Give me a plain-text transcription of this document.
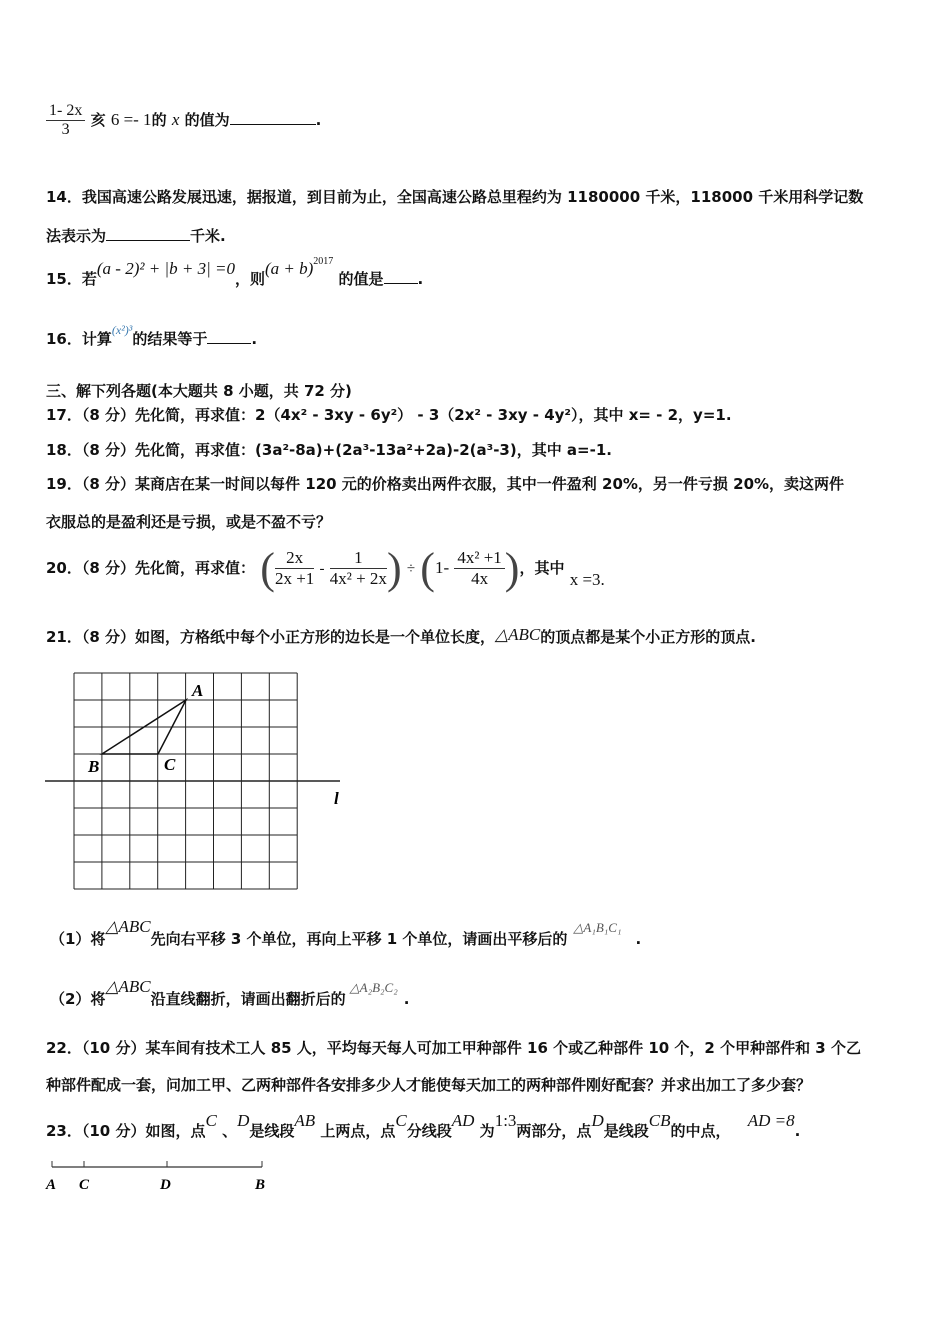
$\frac{1- 2x}{3}$ 亥 6 =- 1的 x 的值为	.
14．我国高速公路发展迅速，据报道，到目前为止，全国高速公路总里程约为 1180000 千米，118000 千米用科学记数
法表示为	千米.
15．若(a - 2)² + |b + 3| =0，则$(a + b)^{2017}$ 的值是 .
16．计算$^{(x^2)^3}$的结果等于	.
三、解下列各题(本大题共 8 小题，共 72 分)
17．（8 分）先化简，再求值：2（4x² - 3xy - 6y²） - 3（2x² - 3xy - 4y²），其中 x= - 2，y=1.
18．（8 分）先化简，再求值：(3a²-8a)+(2a³-13a²+2a)-2(a³-3)，其中 a=-1.
19．（8 分）某商店在某一时间以每件 120 元的价格卖出两件衣服，其中一件盈利 20%，另一件亏损 20%，卖这两件
衣服总的是盈利还是亏损，或是不盈不亏？
20．（8 分）先化简，再求值： ( $\frac{2x}{2x +1} - \frac{1}{\text{4x² + 2x}}$ ) ÷ ($1- \frac{\text{4x² +1}}{4x}$ )，其中 x =3.
21．（8 分）如图，方格纸中每个小正方形的边长是一个单位长度，△ABC的顶点都是某个小正方形的顶点.
A
B	C
l
（1）将△ABC先向右平移 3 个单位，再向上平移 1 个单位，请画出平移后的△A₁B₁C₁.
（2）将△ABC沿直线翻折，请画出翻折后的△A₂B₂C₂.
22．（10 分）某车间有技术工人 85 人，平均每天每人可加工甲种部件 16 个或乙种部件 10 个，2 个甲种部件和 3 个乙
种部件配成一套，问加工甲、乙两种部件各安排多少人才能使每天加工的两种部件刚好配套？并求出加工了多少套？
23．（10 分）如图，点C 、D是线段AB 上两点，点C分线段AD 为1:3两部分，点D是线段CB的中点， AD =8.
A C	D	B
